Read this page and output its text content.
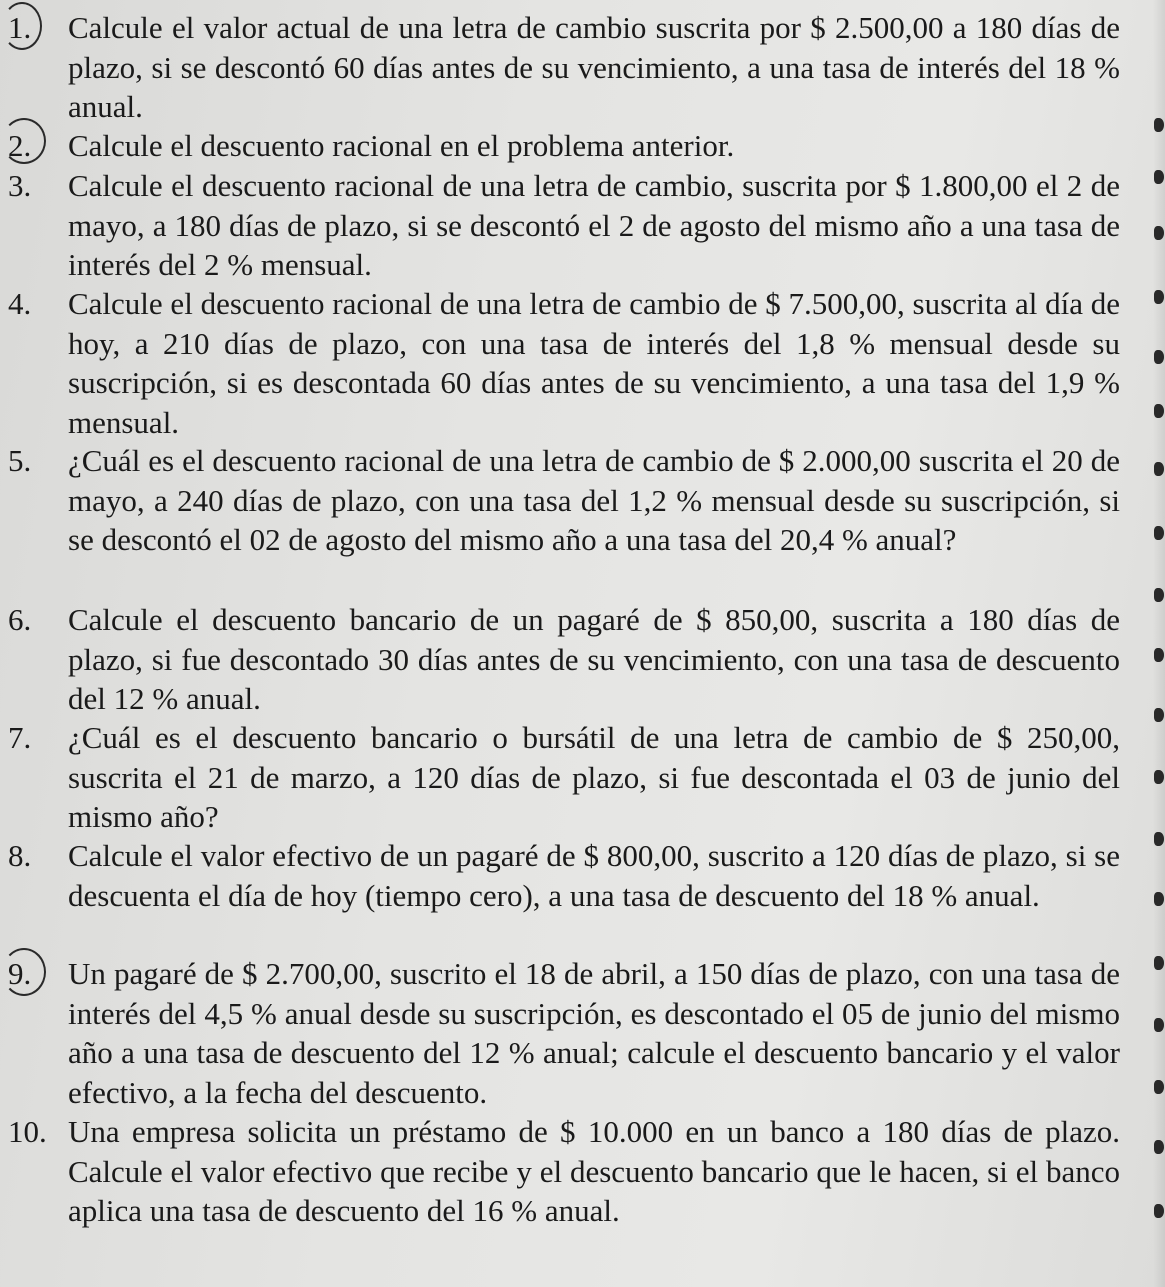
1. Calcule el valor actual de una letra de cambio suscrita por $ 2.500,00 a 180 días de plazo, si se descontó 60 días antes de su vencimiento, a una tasa de interés del 18 % anual.
2. Calcule el descuento racional en el problema anterior.
3. Calcule el descuento racional de una letra de cambio, suscrita por $ 1.800,00 el 2 de mayo, a 180 días de plazo, si se descontó el 2 de agosto del mismo año a una tasa de interés del 2 % mensual.
4. Calcule el descuento racional de una letra de cambio de $ 7.500,00, suscrita al día de hoy, a 210 días de plazo, con una tasa de interés del 1,8 % mensual desde su suscripción, si es descontada 60 días antes de su vencimiento, a una tasa del 1,9 % mensual.
5. ¿Cuál es el descuento racional de una letra de cambio de $ 2.000,00 suscrita el 20 de mayo, a 240 días de plazo, con una tasa del 1,2 % mensual desde su suscripción, si se descontó el 02 de agosto del mismo año a una tasa del 20,4 % anual?
6. Calcule el descuento bancario de un pagaré de $ 850,00, suscrita a 180 días de plazo, si fue descontado 30 días antes de su vencimiento, con una tasa de descuento del 12 % anual.
7. ¿Cuál es el descuento bancario o bursátil de una letra de cambio de $ 250,00, suscrita el 21 de marzo, a 120 días de plazo, si fue descontada el 03 de junio del mismo año?
8. Calcule el valor efectivo de un pagaré de $ 800,00, suscrito a 120 días de plazo, si se descuenta el día de hoy (tiempo cero), a una tasa de descuento del 18 % anual.
9. Un pagaré de $ 2.700,00, suscrito el 18 de abril, a 150 días de plazo, con una tasa de interés del 4,5 % anual desde su suscripción, es descontado el 05 de junio del mismo año a una tasa de descuento del 12 % anual; calcule el descuento bancario y el valor efectivo, a la fecha del descuento.
10. Una empresa solicita un préstamo de $ 10.000 en un banco a 180 días de plazo. Calcule el valor efectivo que recibe y el descuento bancario que le hacen, si el banco aplica una tasa de descuento del 16 % anual.
